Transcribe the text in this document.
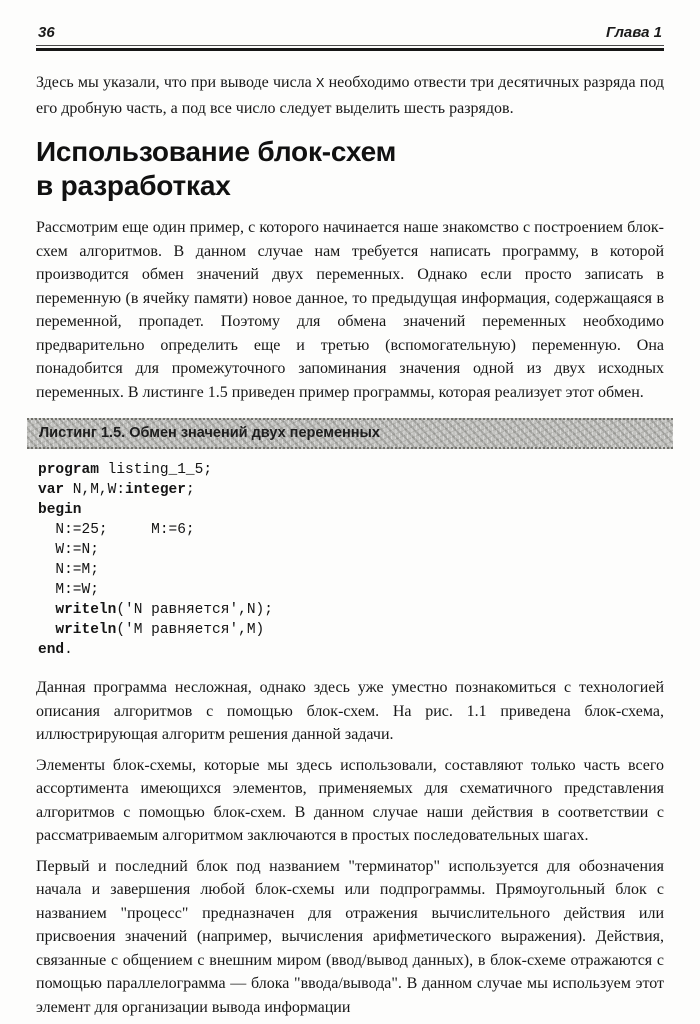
36	Глава 1

Здесь мы указали, что при выводе числа X необходимо отвести три десятичных разряда под его дробную часть, а под все число следует выделить шесть разрядов.

Использование блок-схем
в разработках

Рассмотрим еще один пример, с которого начинается наше знакомство с построением блок-схем алгоритмов. В данном случае нам требуется написать программу, в которой производится обмен значений двух переменных. Однако если просто записать в переменную (в ячейку памяти) новое данное, то предыдущая информация, содержащаяся в переменной, пропадет. Поэтому для обмена значений переменных необходимо предварительно определить еще и третью (вспомогательную) переменную. Она понадобится для промежуточного запоминания значения одной из двух исходных переменных. В листинге 1.5 приведен пример программы, которая реализует этот обмен.

Листинг 1.5. Обмен значений двух переменных
program listing_1_5;
var N,M,W:integer;
begin
N:=25;     M:=6;
W:=N;
N:=M;
M:=W;
writeln('N равняется',N);
writeln('M равняется',M)
end.

Данная программа несложная, однако здесь уже уместно познакомиться с технологией описания алгоритмов с помощью блок-схем. На рис. 1.1 приведена блок-схема, иллюстрирующая алгоритм решения данной задачи.

Элементы блок-схемы, которые мы здесь использовали, составляют только часть всего ассортимента имеющихся элементов, применяемых для схематичного представления алгоритмов с помощью блок-схем. В данном случае наши действия в соответствии с рассматриваемым алгоритмом заключаются в простых последовательных шагах.

Первый и последний блок под названием "терминатор" используется для обозначения начала и завершения любой блок-схемы или подпрограммы. Прямоугольный блок с названием "процесс" предназначен для отражения вычислительного действия или присвоения значений (например, вычисления арифметического выражения). Действия, связанные с общением с внешним миром (ввод/вывод данных), в блок-схеме отражаются с помощью параллелограмма — блока "ввода/вывода". В данном случае мы используем этот элемент для организации вывода информации
